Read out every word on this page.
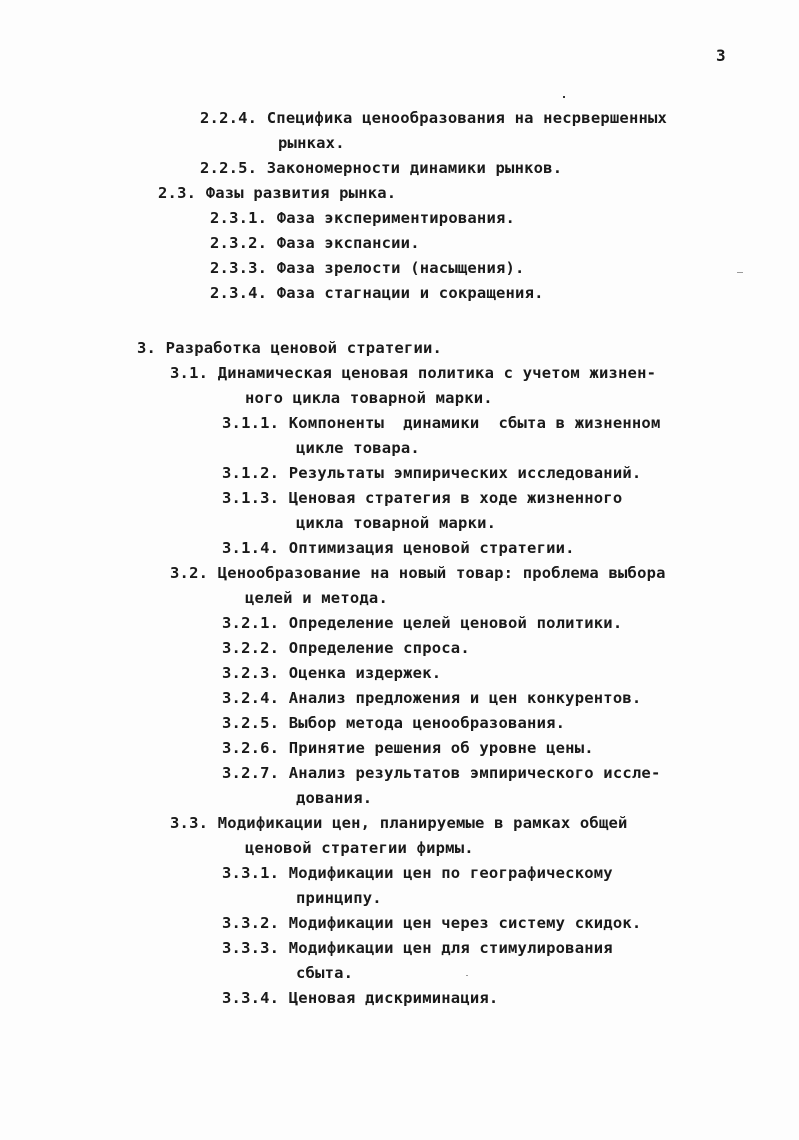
3
2.2.4. Специфика ценообразования на несрвершенных
рынках.
2.2.5. Закономерности динамики рынков.
2.3. Фазы развития рынка.
2.3.1. Фаза экспериментирования.
2.3.2. Фаза экспансии.
2.3.3. Фаза зрелости (насыщения).
2.3.4. Фаза стагнации и сокращения.
3. Разработка ценовой стратегии.
3.1. Динамическая ценовая политика с учетом жизнен-
ного цикла товарной марки.
3.1.1. Компоненты  динамики  сбыта в жизненном
цикле товара.
3.1.2. Результаты эмпирических исследований.
3.1.3. Ценовая стратегия в ходе жизненного
цикла товарной марки.
3.1.4. Оптимизация ценовой стратегии.
3.2. Ценообразование на новый товар: проблема выбора
целей и метода.
3.2.1. Определение целей ценовой политики.
3.2.2. Определение спроса.
3.2.3. Оценка издержек.
3.2.4. Анализ предложения и цен конкурентов.
3.2.5. Выбор метода ценообразования.
3.2.6. Принятие решения об уровне цены.
3.2.7. Анализ результатов эмпирического иссле-
дования.
3.3. Модификации цен, планируемые в рамках общей
ценовой стратегии фирмы.
3.3.1. Модификации цен по географическому
принципу.
3.3.2. Модификации цен через систему скидок.
3.3.3. Модификации цен для стимулирования
сбыта.
3.3.4. Ценовая дискриминация.
